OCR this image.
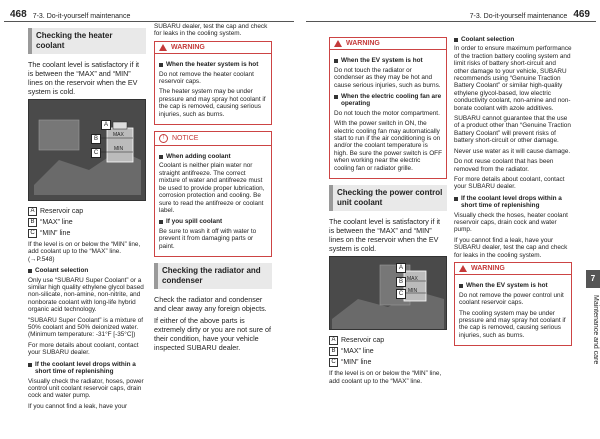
468 7-3. Do-it-yourself maintenance	7-3. Do-it-yourself maintenance 469
Checking the heater coolant

The coolant level is satisfactory if it is between the “MAX” and “MIN” lines on the reservoir when the EV system is cold.

A
B
C
MAX
MIN
A Reservoir cap
B “MAX” line
C “MIN” line

If the level is on or below the “MIN” line, add coolant up to the “MAX” line. (→P.548)

Coolant selection

Only use “SUBARU Super Coolant” or a similar high quality ethylene glycol based non-silicate, non-amine, non-nitrite, and nonborate coolant with long-life hybrid organic acid technology.

“SUBARU Super Coolant” is a mixture of 50% coolant and 50% deionized water. (Minimum temperature: -31°F [-35°C])

For more details about coolant, contact your SUBARU dealer.

If the coolant level drops within a short time of replenishing

Visually check the radiator, hoses, power control unit coolant reservoir caps, drain cock and water pump.

If you cannot find a leak, have your

SUBARU dealer, test the cap and check for leaks in the cooling system.

WARNING
When the heater system is hot

Do not remove the heater coolant reservoir caps.

The heater system may be under pressure and may spray hot coolant if the cap is removed, causing serious injuries, such as burns.

!	NOTICE
When adding coolant

Coolant is neither plain water nor straight antifreeze. The correct mixture of water and antifreeze must be used to provide proper lubrication, corrosion protection and cooling. Be sure to read the antifreeze or coolant label.

If you spill coolant

Be sure to wash it off with water to prevent it from damaging parts or paint.

Checking the radiator and condenser

Check the radiator and condenser and clear away any foreign objects.

If either of the above parts is extremely dirty or you are not sure of their condition, have your vehicle inspected SUBARU dealer.

WARNING
When the EV system is hot

Do not touch the radiator or condenser as they may be hot and cause serious injuries, such as burns.

When the electric cooling fan are operating

Do not touch the motor compartment.

With the power switch in ON, the electric cooling fan may automatically start to run if the air conditioning is on and/or the coolant temperature is high. Be sure the power switch is OFF when working near the electric cooling fan or radiator grille.

Checking the power control unit coolant

The coolant level is satisfactory if it is between the “MAX” and “MIN” lines on the reservoir when the EV system is cold.

A
B
C
MAX
MIN
A Reservoir cap
B “MAX” line
C “MIN” line

If the level is on or below the “MIN” line, add coolant up to the “MAX” line.

Coolant selection

In order to ensure maximum performance of the traction battery cooling system and limit risks of battery short-circuit and other damage to your vehicle, SUBARU recommends using “Genuine Traction Battery Coolant” or similar high-quality ethylene glycol-based, low electric conductivity coolant, non-amine and non-borate coolant with azole additives.

SUBARU cannot guarantee that the use of a product other than “Genuine Traction Battery Coolant” will prevent risks of battery short-circuit or other damage.

Never use water as it will cause damage.

Do not reuse coolant that has been removed from the radiator.

For more details about coolant, contact your SUBARU dealer.

If the coolant level drops within a short time of replenishing

Visually check the hoses, heater coolant reservoir caps, drain cock and water pump.

If you cannot find a leak, have your SUBARU dealer, test the cap and check for leaks in the cooling system.

WARNING
When the EV system is hot

Do not remove the power control unit coolant reservoir caps.

The cooling system may be under pressure and may spray hot coolant if the cap is removed, causing serious injuries, such as burns.

7
Maintenance and care
